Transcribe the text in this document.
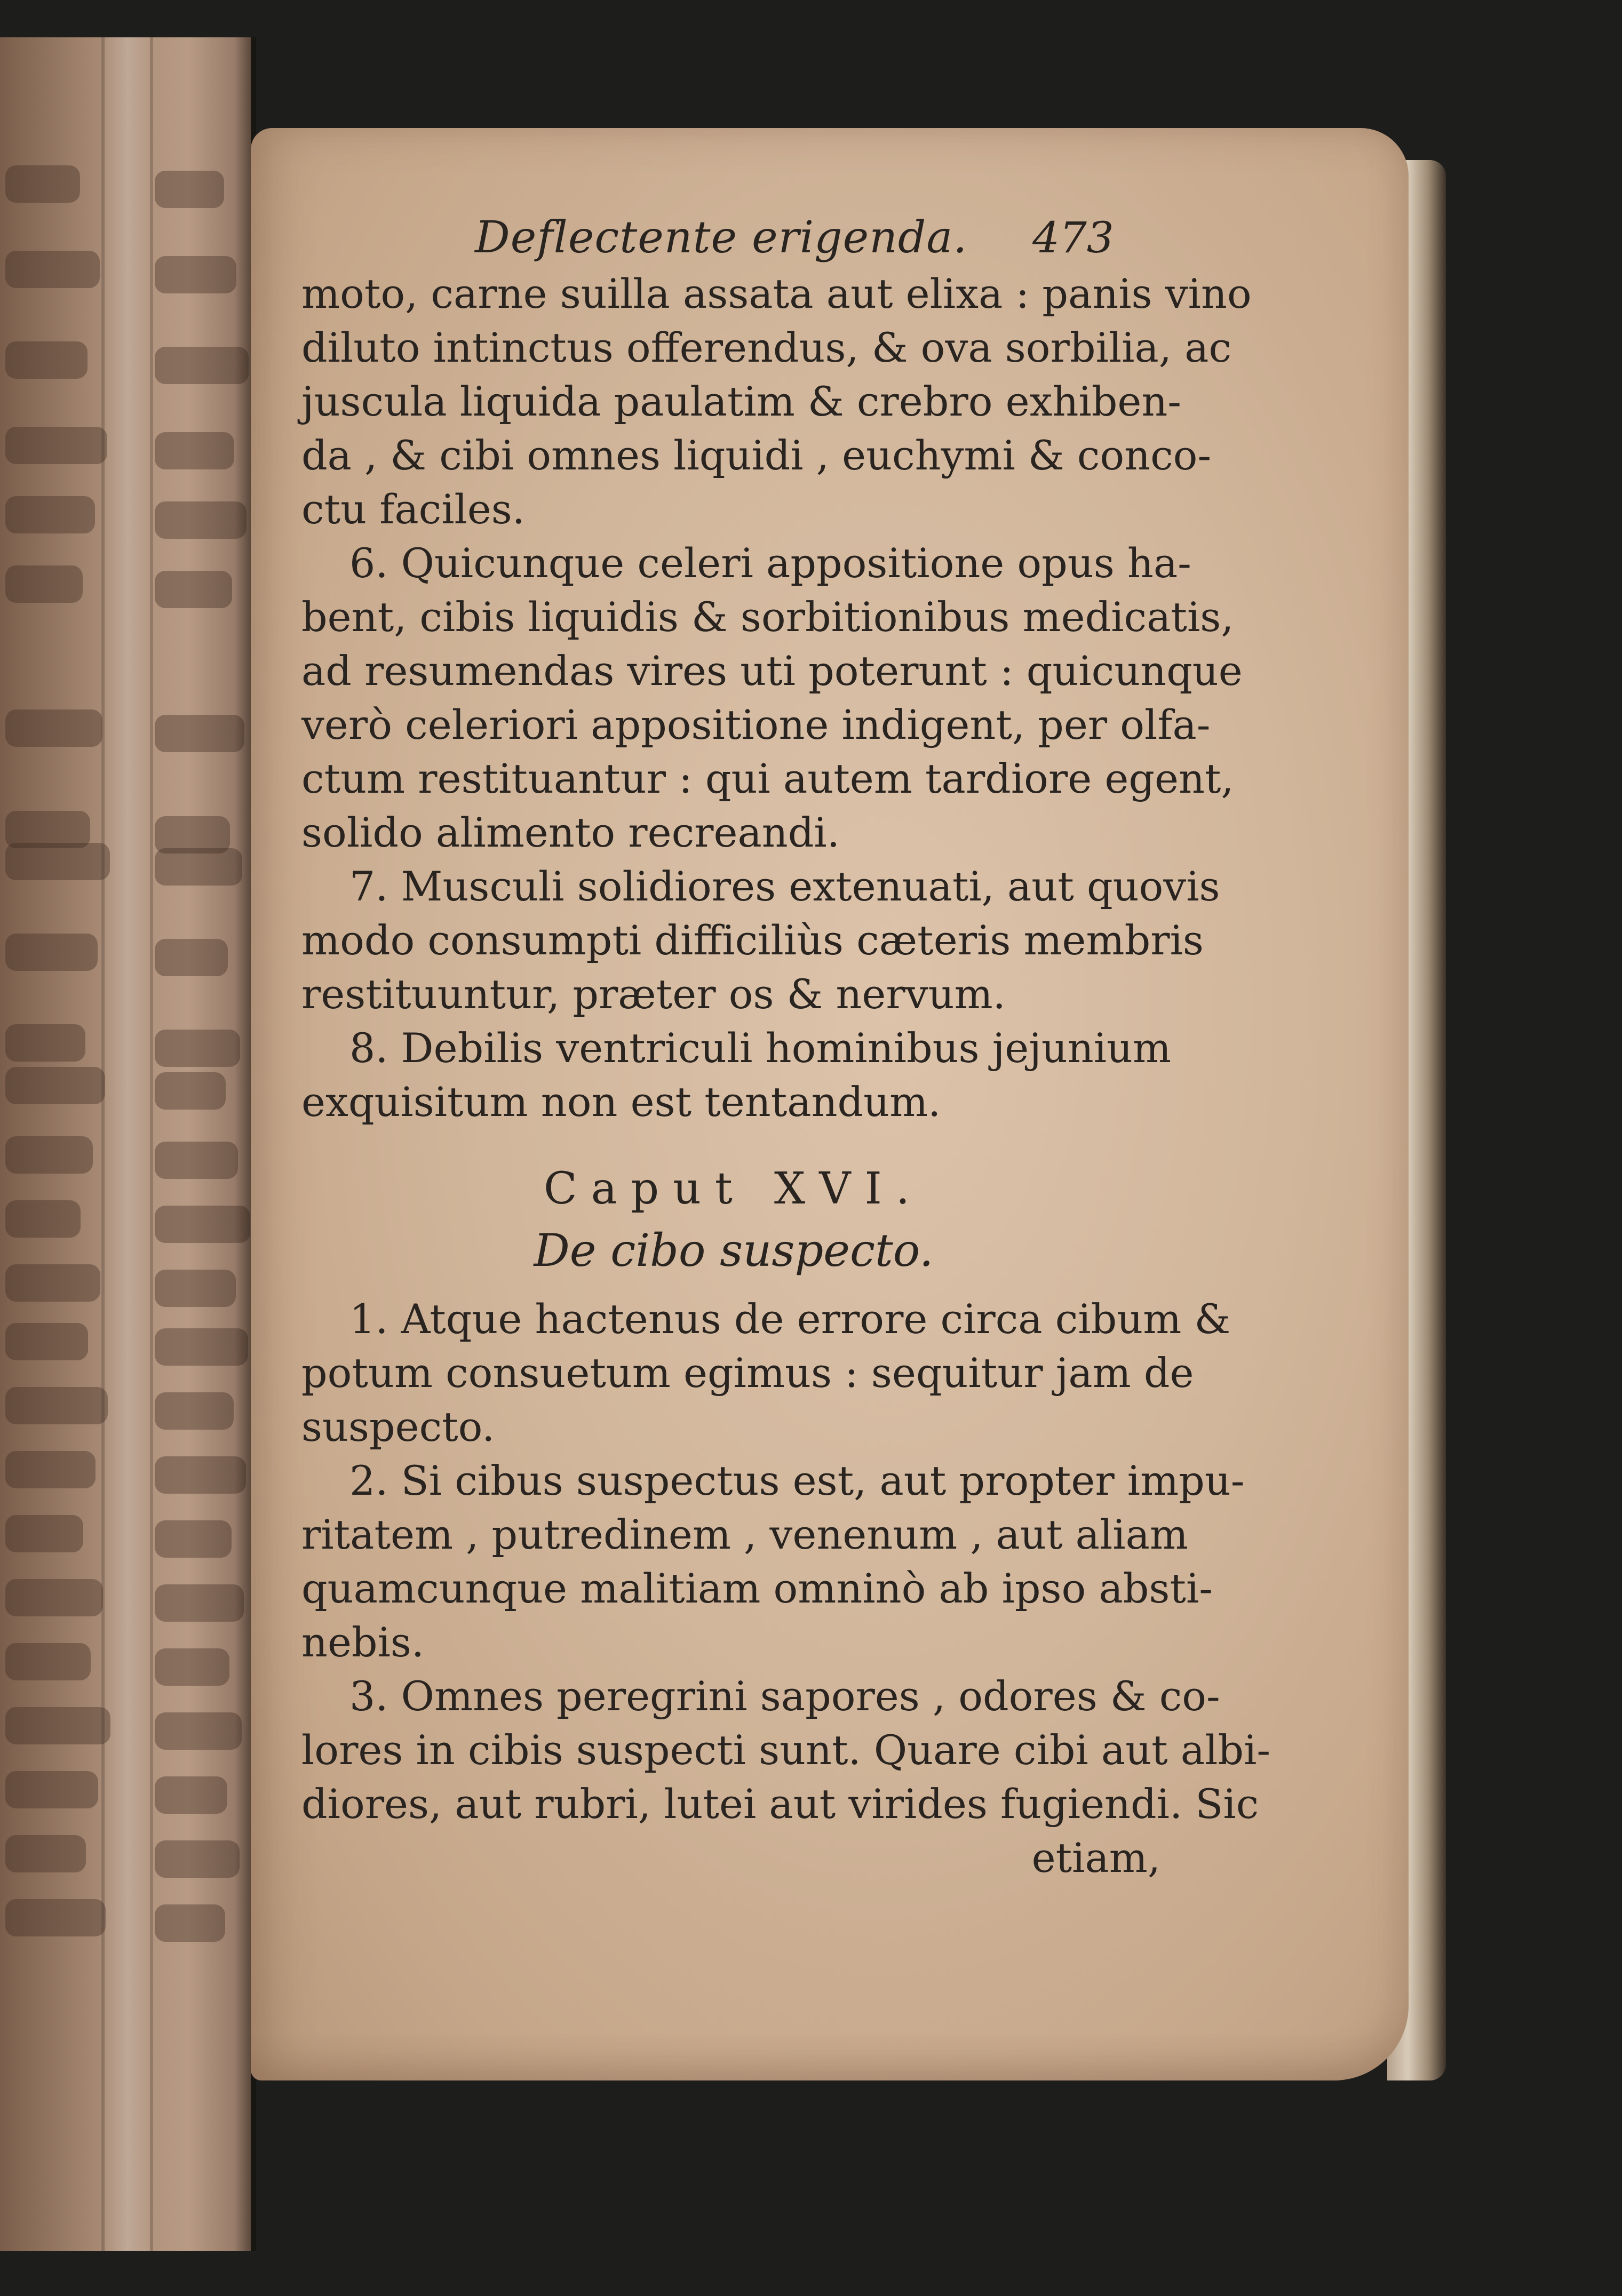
Deflectente erigenda. 473
moto, carne suilla assata aut elixa : panis vino
diluto intinctus offerendus, & ova sorbilia, ac
juscula liquida paulatim & crebro exhiben-
da , & cibi omnes liquidi , euchymi & conco-
ctu faciles.
6. Quicunque celeri appositione opus ha-
bent, cibis liquidis & sorbitionibus medicatis,
ad resumendas vires uti poterunt : quicunque
verò celeriori appositione indigent, per olfa-
ctum restituantur : qui autem tardiore egent,
solido alimento recreandi.
7. Musculi solidiores extenuati, aut quovis
modo consumpti difficiliùs cæteris membris
restituuntur, præter os & nervum.
8. Debilis ventriculi hominibus jejunium
exquisitum non est tentandum.
Caput XVI.
De cibo suspecto.
1. Atque hactenus de errore circa cibum &
potum consuetum egimus : sequitur jam de
suspecto.
2. Si cibus suspectus est, aut propter impu-
ritatem , putredinem , venenum , aut aliam
quamcunque malitiam omninò ab ipso absti-
nebis.
3. Omnes peregrini sapores , odores & co-
lores in cibis suspecti sunt. Quare cibi aut albi-
diores, aut rubri, lutei aut virides fugiendi. Sic
etiam,
